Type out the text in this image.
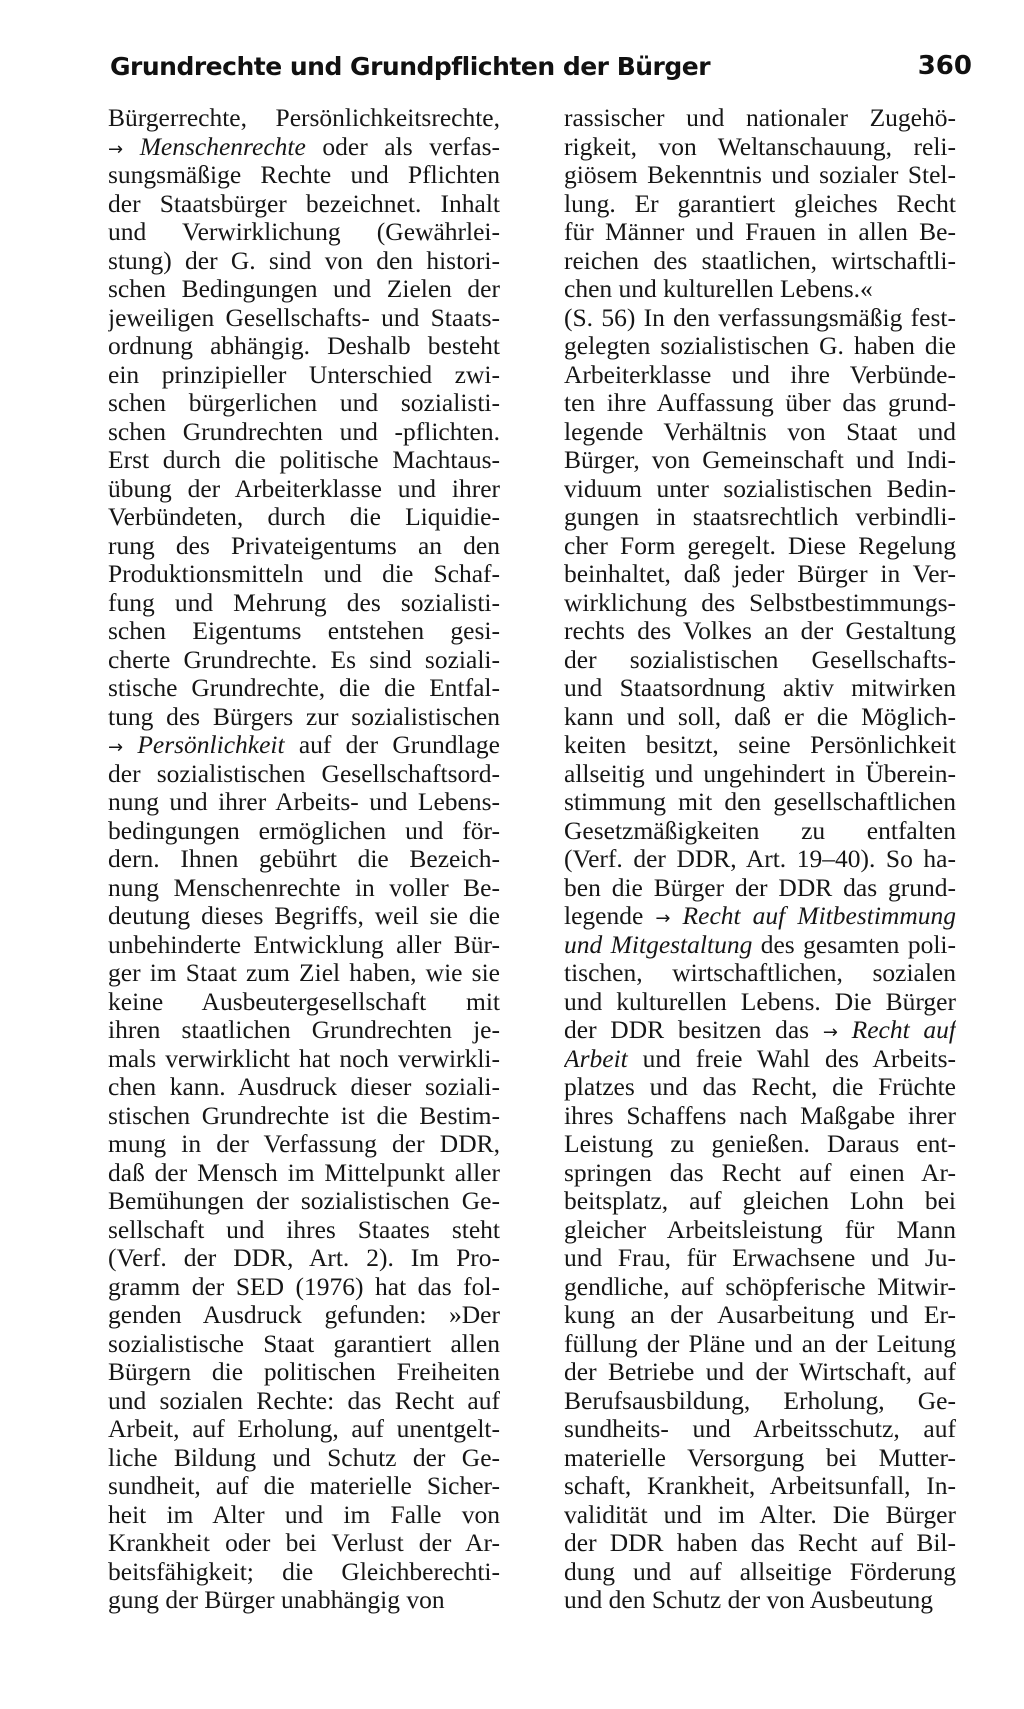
Grundrechte und Grundpflichten der Bürger	360
Bürgerrechte, Persönlichkeitsrechte,
→ Menschenrechte oder als verfas-
sungsmäßige Rechte und Pflichten
der Staatsbürger bezeichnet. Inhalt
und Verwirklichung (Gewährlei-
stung) der G. sind von den histori-
schen Bedingungen und Zielen der
jeweiligen Gesellschafts- und Staats-
ordnung abhängig. Deshalb besteht
ein prinzipieller Unterschied zwi-
schen bürgerlichen und sozialisti-
schen Grundrechten und -pflichten.
Erst durch die politische Machtaus-
übung der Arbeiterklasse und ihrer
Verbündeten, durch die Liquidie-
rung des Privateigentums an den
Produktionsmitteln und die Schaf-
fung und Mehrung des sozialisti-
schen Eigentums entstehen gesi-
cherte Grundrechte. Es sind soziali-
stische Grundrechte, die die Entfal-
tung des Bürgers zur sozialistischen
→ Persönlichkeit auf der Grundlage
der sozialistischen Gesellschaftsord-
nung und ihrer Arbeits- und Lebens-
bedingungen ermöglichen und för-
dern. Ihnen gebührt die Bezeich-
nung Menschenrechte in voller Be-
deutung dieses Begriffs, weil sie die
unbehinderte Entwicklung aller Bür-
ger im Staat zum Ziel haben, wie sie
keine Ausbeutergesellschaft mit
ihren staatlichen Grundrechten je-
mals verwirklicht hat noch verwirkli-
chen kann. Ausdruck dieser soziali-
stischen Grundrechte ist die Bestim-
mung in der Verfassung der DDR,
daß der Mensch im Mittelpunkt aller
Bemühungen der sozialistischen Ge-
sellschaft und ihres Staates steht
(Verf. der DDR, Art. 2). Im Pro-
gramm der SED (1976) hat das fol-
genden Ausdruck gefunden: »Der
sozialistische Staat garantiert allen
Bürgern die politischen Freiheiten
und sozialen Rechte: das Recht auf
Arbeit, auf Erholung, auf unentgelt-
liche Bildung und Schutz der Ge-
sundheit, auf die materielle Sicher-
heit im Alter und im Falle von
Krankheit oder bei Verlust der Ar-
beitsfähigkeit; die Gleichberechti-
gung der Bürger unabhängig von
rassischer und nationaler Zugehö-
rigkeit, von Weltanschauung, reli-
giösem Bekenntnis und sozialer Stel-
lung. Er garantiert gleiches Recht
für Männer und Frauen in allen Be-
reichen des staatlichen, wirtschaftli-
chen und kulturellen Lebens.«
(S. 56) In den verfassungsmäßig fest-
gelegten sozialistischen G. haben die
Arbeiterklasse und ihre Verbünde-
ten ihre Auffassung über das grund-
legende Verhältnis von Staat und
Bürger, von Gemeinschaft und Indi-
viduum unter sozialistischen Bedin-
gungen in staatsrechtlich verbindli-
cher Form geregelt. Diese Regelung
beinhaltet, daß jeder Bürger in Ver-
wirklichung des Selbstbestimmungs-
rechts des Volkes an der Gestaltung
der sozialistischen Gesellschafts-
und Staatsordnung aktiv mitwirken
kann und soll, daß er die Möglich-
keiten besitzt, seine Persönlichkeit
allseitig und ungehindert in Überein-
stimmung mit den gesellschaftlichen
Gesetzmäßigkeiten zu entfalten
(Verf. der DDR, Art. 19–40). So ha-
ben die Bürger der DDR das grund-
legende → Recht auf Mitbestimmung
und Mitgestaltung des gesamten poli-
tischen, wirtschaftlichen, sozialen
und kulturellen Lebens. Die Bürger
der DDR besitzen das → Recht auf
Arbeit und freie Wahl des Arbeits-
platzes und das Recht, die Früchte
ihres Schaffens nach Maßgabe ihrer
Leistung zu genießen. Daraus ent-
springen das Recht auf einen Ar-
beitsplatz, auf gleichen Lohn bei
gleicher Arbeitsleistung für Mann
und Frau, für Erwachsene und Ju-
gendliche, auf schöpferische Mitwir-
kung an der Ausarbeitung und Er-
füllung der Pläne und an der Leitung
der Betriebe und der Wirtschaft, auf
Berufsausbildung, Erholung, Ge-
sundheits- und Arbeitsschutz, auf
materielle Versorgung bei Mutter-
schaft, Krankheit, Arbeitsunfall, In-
validität und im Alter. Die Bürger
der DDR haben das Recht auf Bil-
dung und auf allseitige Förderung
und den Schutz der von Ausbeutung
